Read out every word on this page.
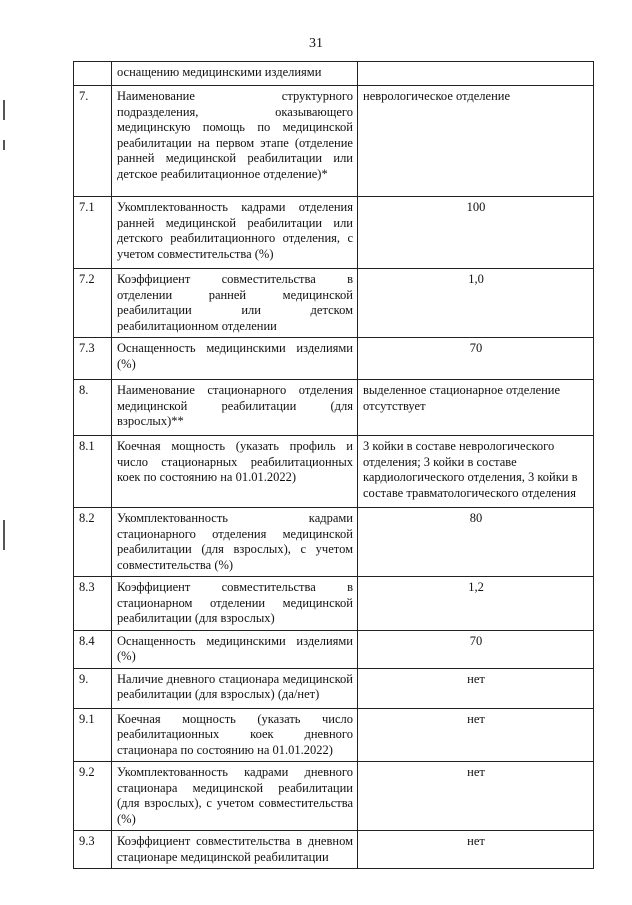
31
	оснащению медицинскими изделиями	
7.	Наименование структурного подразделения, оказывающего медицинскую помощь по медицинской реабилитации на первом этапе (отделение ранней медицинской реабилитации или детское реабилитационное отделение)*	неврологическое отделение
7.1	Укомплектованность кадрами отделения ранней медицинской реабилитации или детского реабилитационного отделения, с учетом совместительства (%)	100
7.2	Коэффициент совместительства в отделении ранней медицинской реабилитации или детском реабилитационном отделении	1,0
7.3	Оснащенность медицинскими изделиями (%)	70
8.	Наименование стационарного отделения медицинской реабилитации (для взрослых)**	выделенное стационарное отделение отсутствует
8.1	Коечная мощность (указать профиль и число стационарных реабилитационных коек по состоянию на 01.01.2022)	3 койки в составе неврологического отделения; 3 койки в составе кардиологического отделения, 3 койки в составе травматологического отделения
8.2	Укомплектованность кадрами стационарного отделения медицинской реабилитации (для взрослых), с учетом совместительства (%)	80
8.3	Коэффициент совместительства в стационарном отделении медицинской реабилитации (для взрослых)	1,2
8.4	Оснащенность медицинскими изделиями (%)	70
9.	Наличие дневного стационара медицинской реабилитации (для взрослых) (да/нет)	нет
9.1	Коечная мощность (указать число реабилитационных коек дневного стационара по состоянию на 01.01.2022)	нет
9.2	Укомплектованность кадрами дневного стационара медицинской реабилитации (для взрослых), с учетом совместительства (%)	нет
9.3	Коэффициент совместительства в дневном стационаре медицинской реабилитации	нет
